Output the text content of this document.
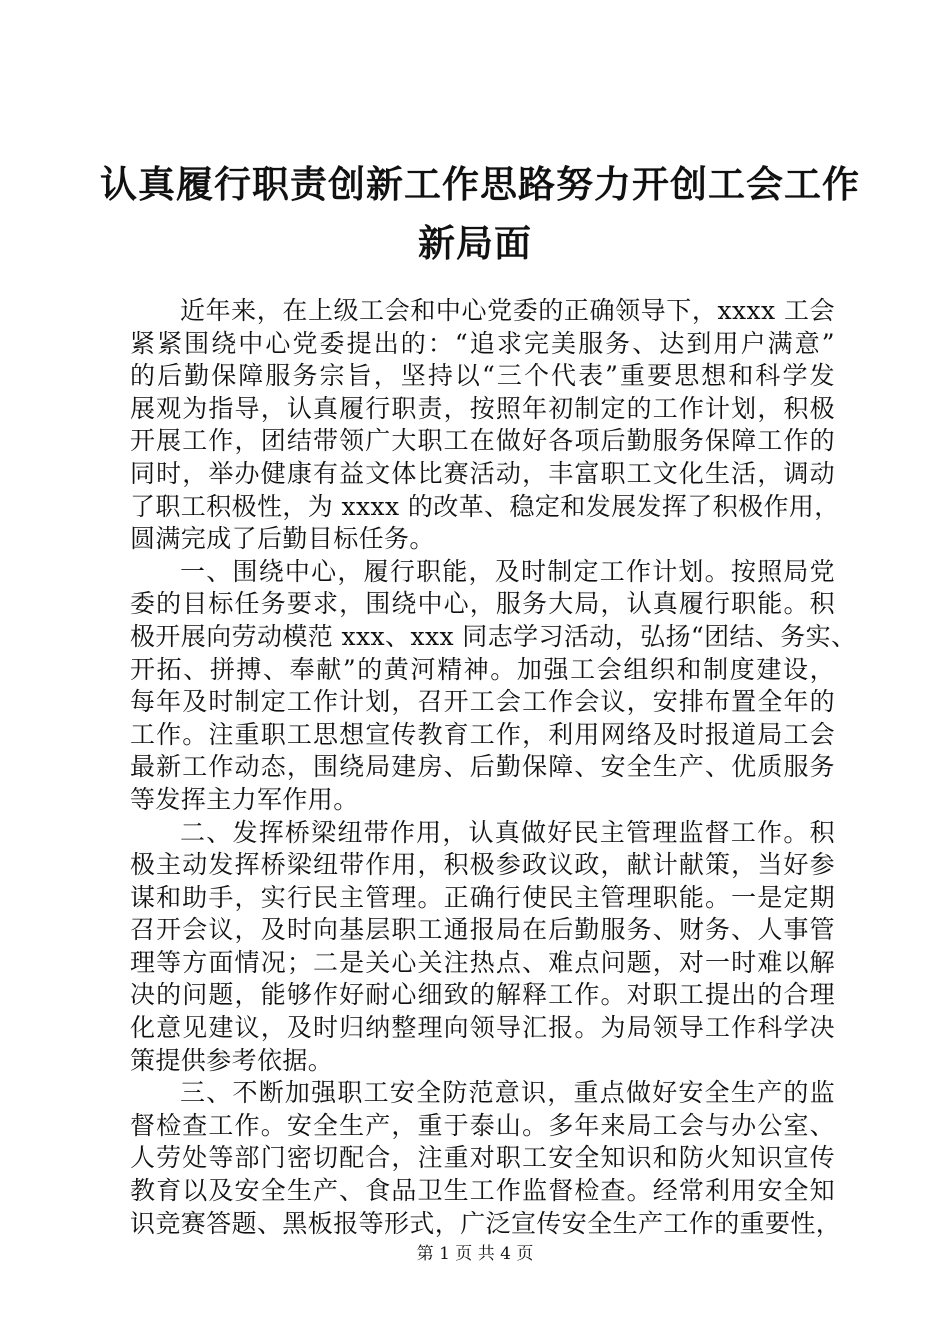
认真履行职责创新工作思路努力开创工会工作
新局面
近年来，在上级工会和中心党委的正确领导下，xxxx 工会
紧紧围绕中心党委提出的：“追求完美服务、达到用户满意”
的后勤保障服务宗旨，坚持以“三个代表”重要思想和科学发
展观为指导，认真履行职责，按照年初制定的工作计划，积极
开展工作，团结带领广大职工在做好各项后勤服务保障工作的
同时，举办健康有益文体比赛活动，丰富职工文化生活，调动
了职工积极性，为 xxxx 的改革、稳定和发展发挥了积极作用，
圆满完成了后勤目标任务。
一、围绕中心，履行职能，及时制定工作计划。按照局党
委的目标任务要求，围绕中心，服务大局，认真履行职能。积
极开展向劳动模范 xxx、xxx 同志学习活动，弘扬“团结、务实、
开拓、拼搏、奉献”的黄河精神。加强工会组织和制度建设，
每年及时制定工作计划，召开工会工作会议，安排布置全年的
工作。注重职工思想宣传教育工作，利用网络及时报道局工会
最新工作动态，围绕局建房、后勤保障、安全生产、优质服务
等发挥主力军作用。
二、发挥桥梁纽带作用，认真做好民主管理监督工作。积
极主动发挥桥梁纽带作用，积极参政议政，献计献策，当好参
谋和助手，实行民主管理。正确行使民主管理职能。一是定期
召开会议，及时向基层职工通报局在后勤服务、财务、人事管
理等方面情况；二是关心关注热点、难点问题，对一时难以解
决的问题，能够作好耐心细致的解释工作。对职工提出的合理
化意见建议，及时归纳整理向领导汇报。为局领导工作科学决
策提供参考依据。
三、不断加强职工安全防范意识，重点做好安全生产的监
督检查工作。安全生产，重于泰山。多年来局工会与办公室、
人劳处等部门密切配合，注重对职工安全知识和防火知识宣传
教育以及安全生产、食品卫生工作监督检查。经常利用安全知
识竞赛答题、黑板报等形式，广泛宣传安全生产工作的重要性，
第 1 页 共 4 页
